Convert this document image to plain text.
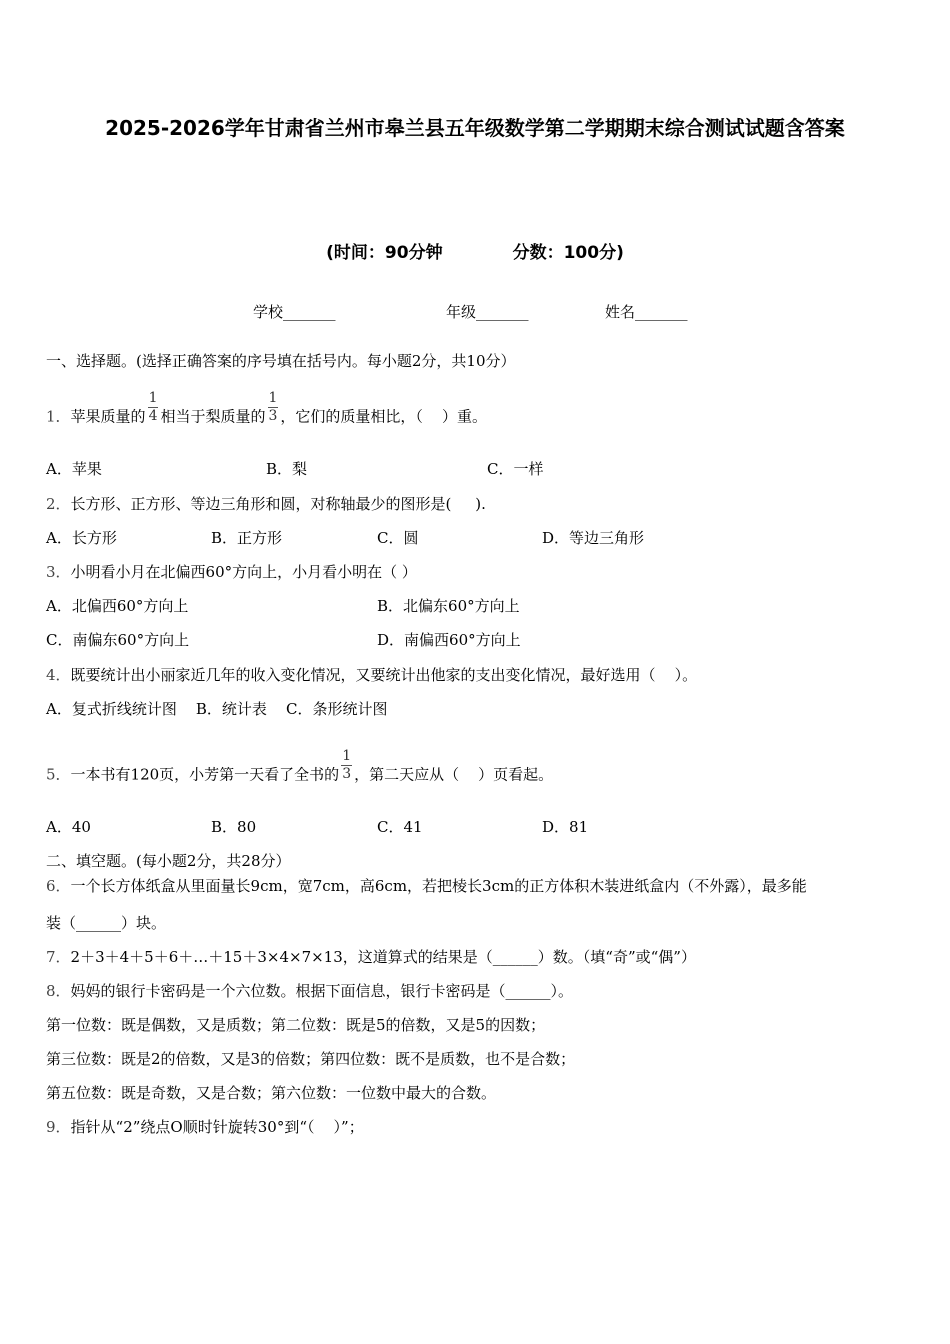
2025-2026学年甘肃省兰州市皋兰县五年级数学第二学期期末综合测试试题含答案
(时间：90分钟	分数：100分)
学校_______	年级_______	姓名_______
一、选择题。(选择正确答案的序号填在括号内。每小题2分，共10分）
1．苹果质量的 $\frac{1}{4}$ 相当于梨质量的 $\frac{1}{3}$ ，它们的质量相比，（    ）重。
A．苹果	B．梨	C．一样
2．长方形、正方形、等边三角形和圆，对称轴最少的图形是(     ).
A．长方形	B．正方形	C．圆	D．等边三角形
3．小明看小月在北偏西60°方向上，小月看小明在（ ）
A．北偏西60°方向上	B．北偏东60°方向上
C．南偏东60°方向上	D．南偏西60°方向上
4．既要统计出小丽家近几年的收入变化情况，又要统计出他家的支出变化情况，最好选用（    ）。
A．复式折线统计图    B．统计表    C．条形统计图
5．一本书有120页，小芳第一天看了全书的 $\frac{1}{3}$ ，第二天应从（    ）页看起。
A．40	B．80	C．41	D．81
二、填空题。(每小题2分，共28分）
6．一个长方体纸盒从里面量长9cm，宽7cm，高6cm，若把棱长3cm的正方体积木装进纸盒内（不外露），最多能
装（______）块。
7．2＋3＋4＋5＋6＋…＋15＋3×4×7×13，这道算式的结果是（______）数。（填“奇”或“偶”）
8．妈妈的银行卡密码是一个六位数。根据下面信息，银行卡密码是（______）。
第一位数：既是偶数，又是质数；第二位数：既是5的倍数，又是5的因数；
第三位数：既是2的倍数，又是3的倍数；第四位数：既不是质数，也不是合数；
第五位数：既是奇数，又是合数；第六位数：一位数中最大的合数。
9．指针从“2”绕点O顺时针旋转30°到“（    ）”；
